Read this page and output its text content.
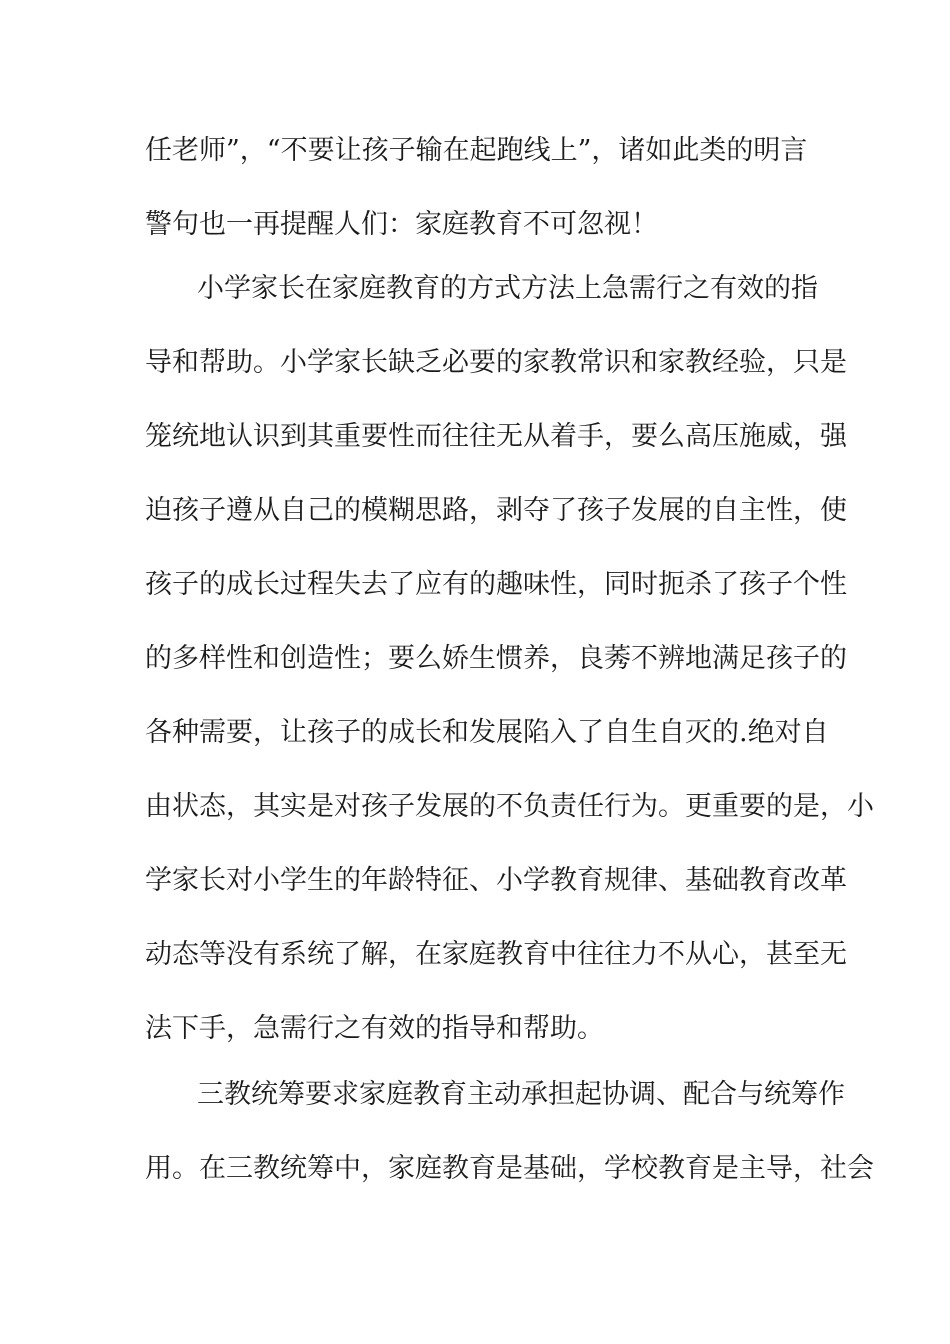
任老师”，“不要让孩子输在起跑线上”，诸如此类的明言
警句也一再提醒人们：家庭教育不可忽视！
小学家长在家庭教育的方式方法上急需行之有效的指
导和帮助。小学家长缺乏必要的家教常识和家教经验，只是
笼统地认识到其重要性而往往无从着手，要么高压施威，强
迫孩子遵从自己的模糊思路，剥夺了孩子发展的自主性，使
孩子的成长过程失去了应有的趣味性，同时扼杀了孩子个性
的多样性和创造性；要么娇生惯养，良莠不辨地满足孩子的
各种需要，让孩子的成长和发展陷入了自生自灭的.绝对自
由状态，其实是对孩子发展的不负责任行为。更重要的是，小
学家长对小学生的年龄特征、小学教育规律、基础教育改革
动态等没有系统了解，在家庭教育中往往力不从心，甚至无
法下手，急需行之有效的指导和帮助。
三教统筹要求家庭教育主动承担起协调、配合与统筹作
用。在三教统筹中，家庭教育是基础，学校教育是主导，社会
